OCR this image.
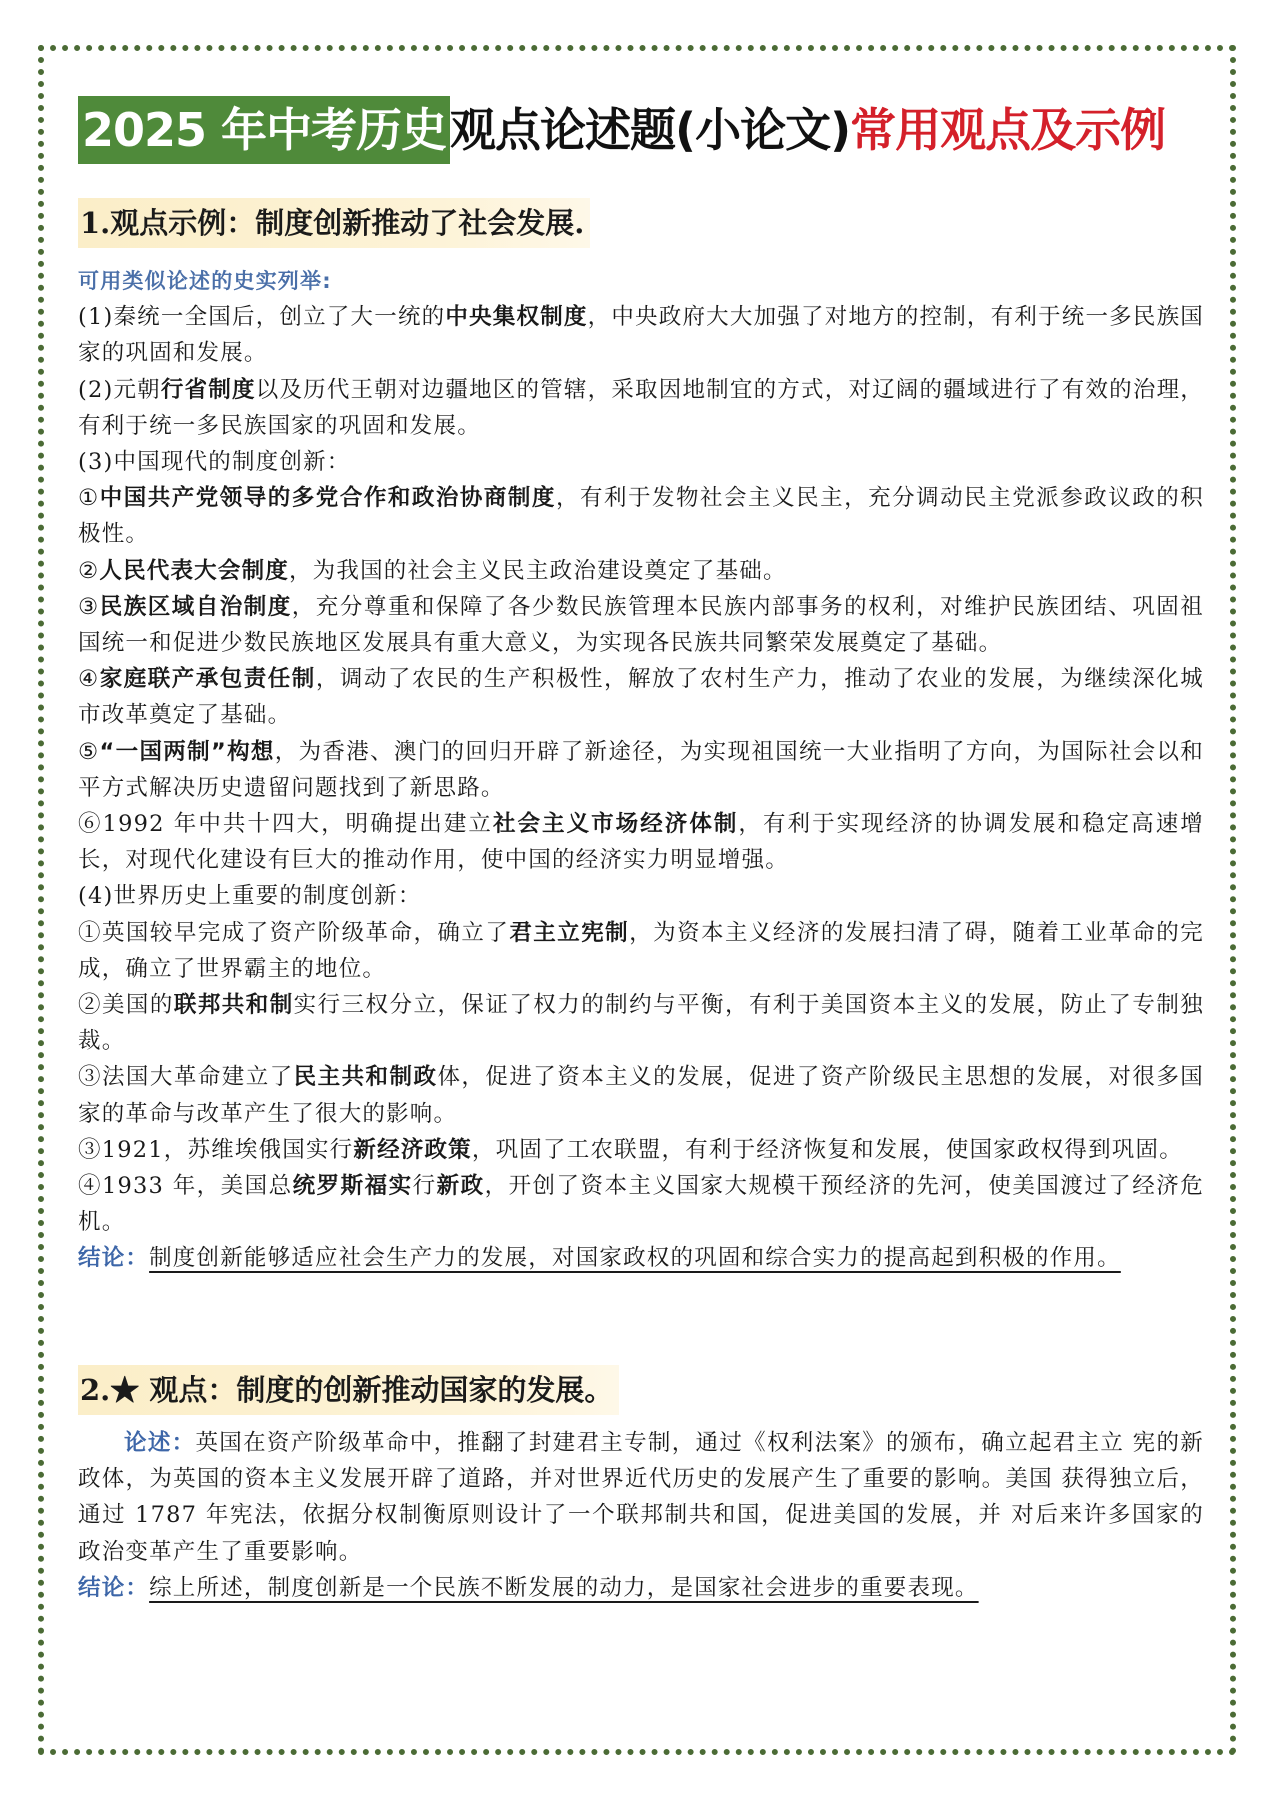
2025 年中考历史观点论述题(小论文)常用观点及示例
1.观点示例：制度创新推动了社会发展.

可用类似论述的史实列举:

(1)秦统一全国后，创立了大一统的中央集权制度，中央政府大大加强了对地方的控制，有利于统一多民族国家的巩固和发展。

(2)元朝行省制度以及历代王朝对边疆地区的管辖，采取因地制宜的方式，对辽阔的疆域进行了有效的治理，有利于统一多民族国家的巩固和发展。

(3)中国现代的制度创新：

①中国共产党领导的多党合作和政治协商制度，有利于发物社会主义民主，充分调动民主党派参政议政的积极性。

②人民代表大会制度，为我国的社会主义民主政治建设奠定了基础。

③民族区域自治制度，充分尊重和保障了各少数民族管理本民族内部事务的权利，对维护民族团结、巩固祖国统一和促进少数民族地区发展具有重大意义，为实现各民族共同繁荣发展奠定了基础。

④家庭联产承包责任制，调动了农民的生产积极性，解放了农村生产力，推动了农业的发展，为继续深化城市改革奠定了基础。

⑤“一国两制”构想，为香港、澳门的回归开辟了新途径，为实现祖国统一大业指明了方向，为国际社会以和平方式解决历史遗留问题找到了新思路。

⑥1992 年中共十四大，明确提出建立社会主义市场经济体制，有利于实现经济的协调发展和稳定高速增长，对现代化建设有巨大的推动作用，使中国的经济实力明显增强。

(4)世界历史上重要的制度创新：

①英国较早完成了资产阶级革命，确立了君主立宪制，为资本主义经济的发展扫清了碍，随着工业革命的完成，确立了世界霸主的地位。

②美国的联邦共和制实行三权分立，保证了权力的制约与平衡，有利于美国资本主义的发展，防止了专制独裁。

③法国大革命建立了民主共和制政体，促进了资本主义的发展，促进了资产阶级民主思想的发展，对很多国家的革命与改革产生了很大的影响。

③1921，苏维埃俄国实行新经济政策，巩固了工农联盟，有利于经济恢复和发展，使国家政权得到巩固。

④1933 年，美国总统罗斯福实行新政，开创了资本主义国家大规模干预经济的先河，使美国渡过了经济危机。

结论：制度创新能够适应社会生产力的发展，对国家政权的巩固和综合实力的提高起到积极的作用。

2.★ 观点：制度的创新推动国家的发展。

论述：英国在资产阶级革命中，推翻了封建君主专制，通过《权利法案》的颁布，确立起君主立 宪的新政体，为英国的资本主义发展开辟了道路，并对世界近代历史的发展产生了重要的影响。美国 获得独立后，通过 1787 年宪法，依据分权制衡原则设计了一个联邦制共和国，促进美国的发展，并 对后来许多国家的政治变革产生了重要影响。

结论：综上所述，制度创新是一个民族不断发展的动力，是国家社会进步的重要表现。
